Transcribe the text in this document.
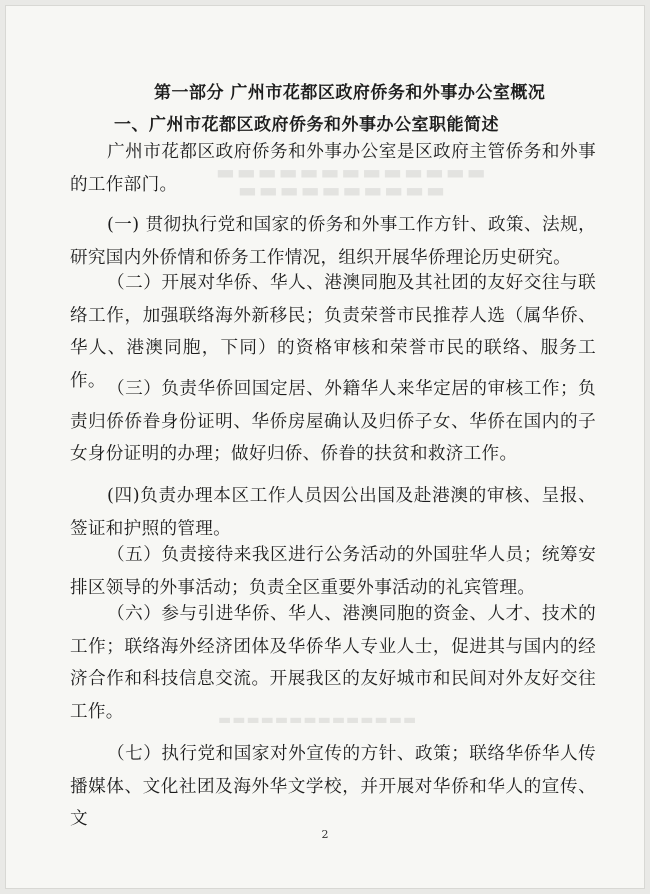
▬▬▬▬▬▬▬▬▬▬▬▬▬
▬▬▬▬▬▬▬▬▬▬
▬▬▬▬▬▬▬▬▬▬▬▬▬▬
第一部分 广州市花都区政府侨务和外事办公室概况
一、广州市花都区政府侨务和外事办公室职能简述

广州市花都区政府侨务和外事办公室是区政府主管侨务和外事的工作部门。

(一) 贯彻执行党和国家的侨务和外事工作方针、政策、法规，研究国内外侨情和侨务工作情况，组织开展华侨理论历史研究。

（二）开展对华侨、华人、港澳同胞及其社团的友好交往与联络工作，加强联络海外新移民；负责荣誉市民推荐人选（属华侨、华人、港澳同胞，下同）的资格审核和荣誉市民的联络、服务工作。 （三）负责华侨回国定居、外籍华人来华定居的审核工作；负责归侨侨眷身份证明、华侨房屋确认及归侨子女、华侨在国内的子女身份证明的办理；做好归侨、侨眷的扶贫和救济工作。

(四)负责办理本区工作人员因公出国及赴港澳的审核、呈报、签证和护照的管理。

（五）负责接待来我区进行公务活动的外国驻华人员；统筹安排区领导的外事活动；负责全区重要外事活动的礼宾管理。

（六）参与引进华侨、华人、港澳同胞的资金、人才、技术的工作；联络海外经济团体及华侨华人专业人士，促进其与国内的经济合作和科技信息交流。开展我区的友好城市和民间对外友好交往工作。

（七）执行党和国家对外宣传的方针、政策；联络华侨华人传播媒体、文化社团及海外华文学校，并开展对华侨和华人的宣传、文

2
